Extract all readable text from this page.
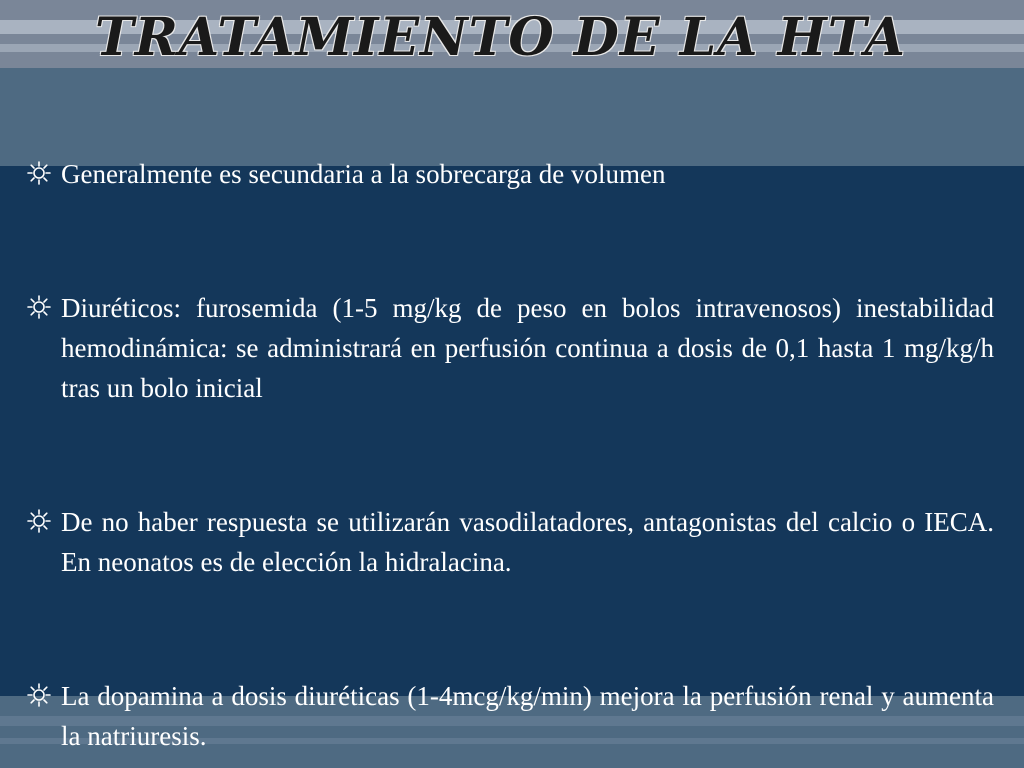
TRATAMIENTO DE LA HTA
Generalmente es secundaria a la sobrecarga de volumen
Diuréticos: furosemida (1-5 mg/kg de peso en bolos intravenosos) inestabilidad hemodinámica: se administrará en perfusión continua a dosis de 0,1 hasta 1 mg/kg/h tras un bolo inicial
De no haber respuesta se utilizarán vasodilatadores, antagonistas del calcio o IECA. En neonatos es de elección la hidralacina.
La dopamina a dosis diuréticas (1-4mcg/kg/min) mejora la perfusión renal y aumenta la natriuresis.
